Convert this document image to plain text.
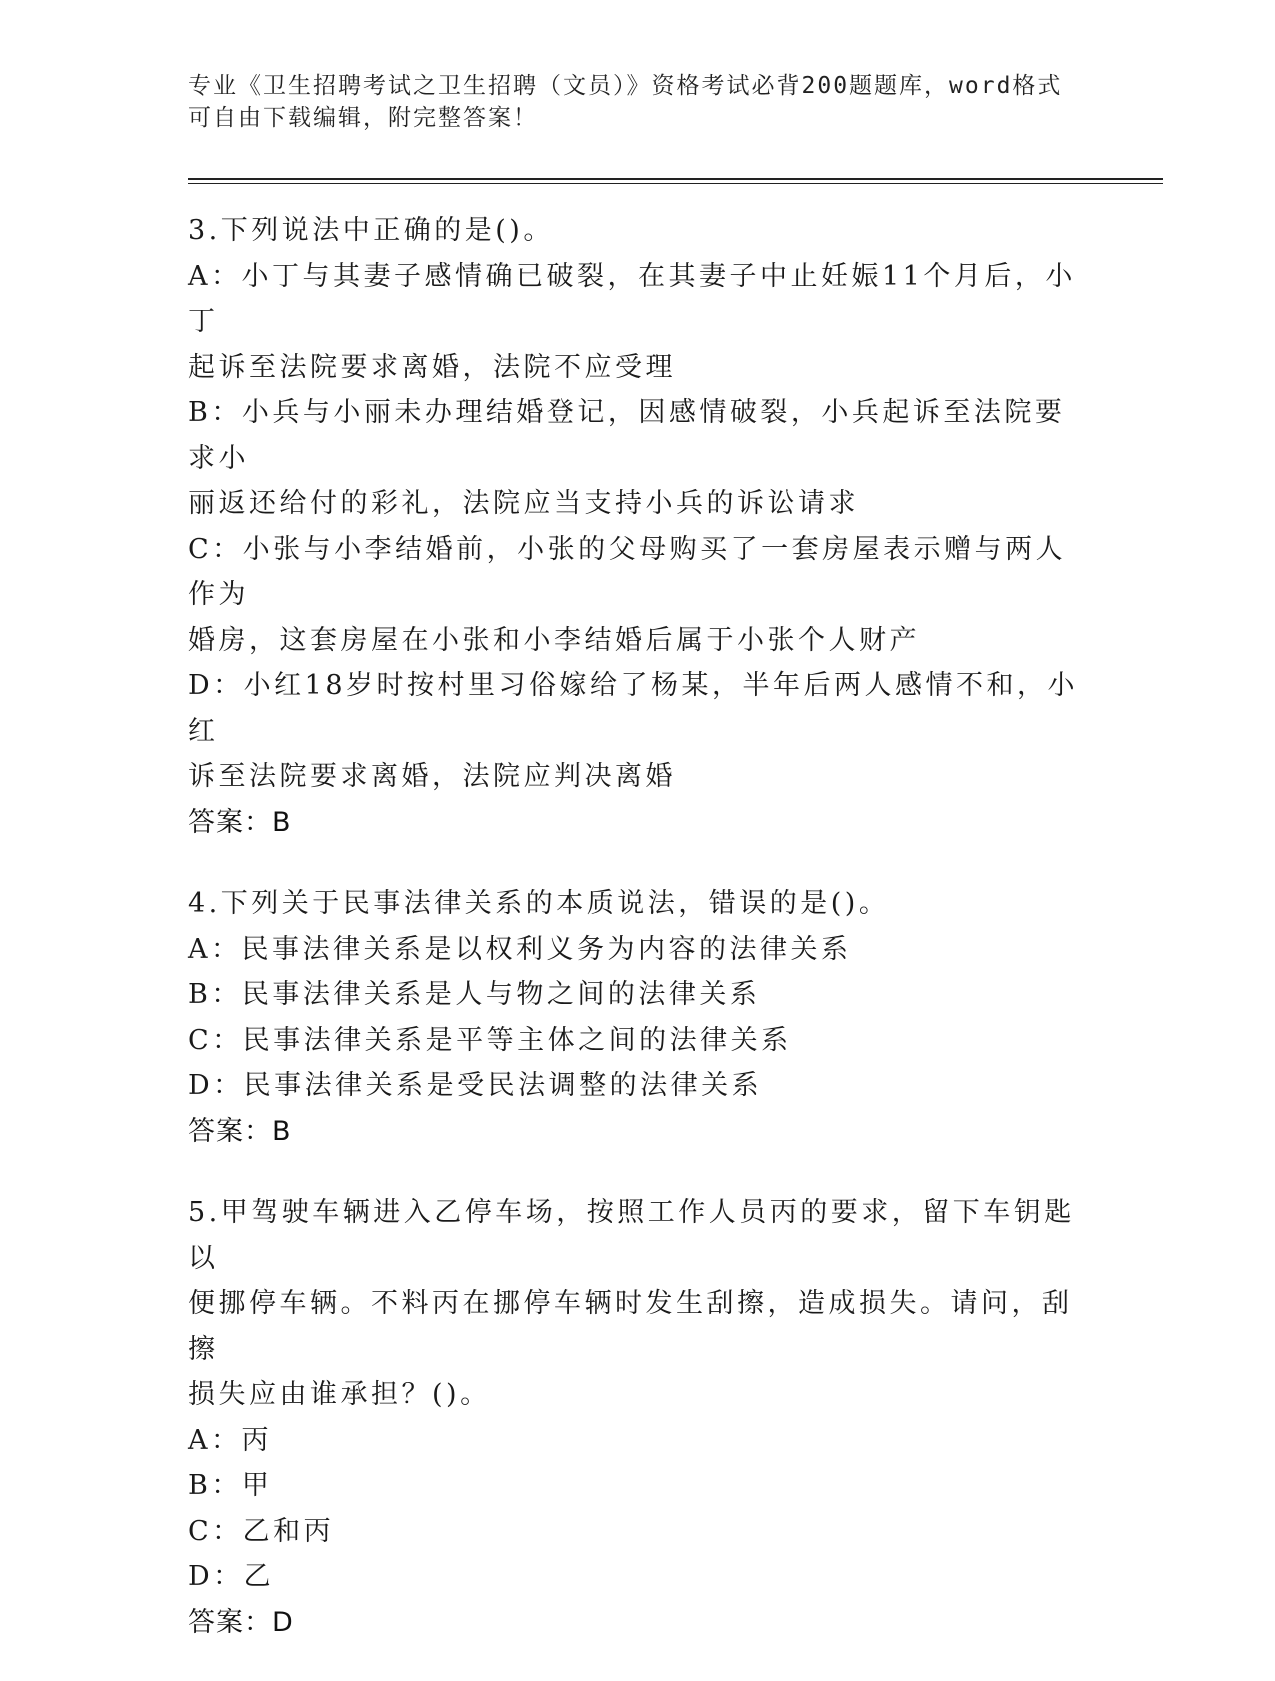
专业《卫生招聘考试之卫生招聘（文员）》资格考试必背200题题库，word格式
可自由下载编辑，附完整答案！
3.下列说法中正确的是()。
A：小丁与其妻子感情确已破裂，在其妻子中止妊娠11个月后，小丁
起诉至法院要求离婚，法院不应受理
B：小兵与小丽未办理结婚登记，因感情破裂，小兵起诉至法院要求小
丽返还给付的彩礼，法院应当支持小兵的诉讼请求
C：小张与小李结婚前，小张的父母购买了一套房屋表示赠与两人作为
婚房，这套房屋在小张和小李结婚后属于小张个人财产
D：小红18岁时按村里习俗嫁给了杨某，半年后两人感情不和，小红
诉至法院要求离婚，法院应判决离婚
答案：B
4.下列关于民事法律关系的本质说法，错误的是()。
A：民事法律关系是以权利义务为内容的法律关系
B：民事法律关系是人与物之间的法律关系
C：民事法律关系是平等主体之间的法律关系
D：民事法律关系是受民法调整的法律关系
答案：B
5.甲驾驶车辆进入乙停车场，按照工作人员丙的要求，留下车钥匙以
便挪停车辆。不料丙在挪停车辆时发生刮擦，造成损失。请问，刮擦
损失应由谁承担？()。
A：丙
B：甲
C：乙和丙
D：乙
答案：D
